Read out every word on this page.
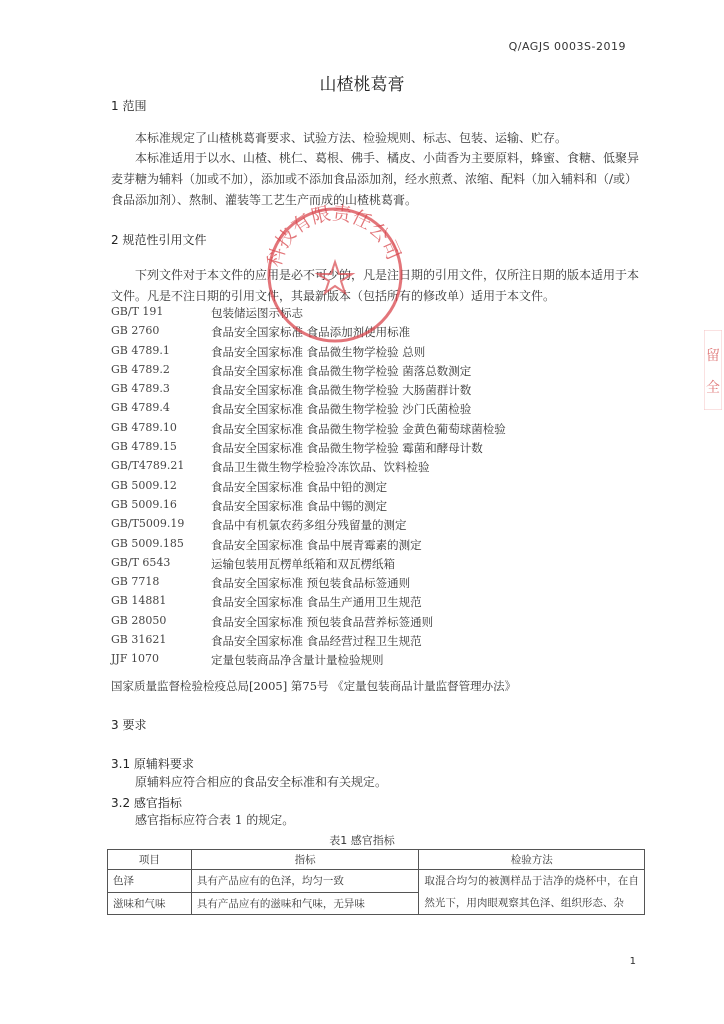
Q/AGJS 0003S-2019
山楂桃葛膏
1 范围
本标准规定了山楂桃葛膏要求、试验方法、检验规则、标志、包装、运输、贮存。
本标准适用于以水、山楂、桃仁、葛根、佛手、橘皮、小茴香为主要原料，蜂蜜、食糖、低聚异麦芽糖为辅料（加或不加），添加或不添加食品添加剂，经水煎煮、浓缩、配料（加入辅料和（/或）食品添加剂）、熬制、灌装等工艺生产而成的山楂桃葛膏。
2 规范性引用文件
下列文件对于本文件的应用是必不可少的，凡是注日期的引用文件，仅所注日期的版本适用于本文件。凡是不注日期的引用文件，其最新版本（包括所有的修改单）适用于本文件。
GB/T 191	包装储运图示标志
GB 2760	食品安全国家标准 食品添加剂使用标准
GB 4789.1	食品安全国家标准 食品微生物学检验 总则
GB 4789.2	食品安全国家标准 食品微生物学检验 菌落总数测定
GB 4789.3	食品安全国家标准 食品微生物学检验 大肠菌群计数
GB 4789.4	食品安全国家标准 食品微生物学检验 沙门氏菌检验
GB 4789.10	食品安全国家标准 食品微生物学检验 金黄色葡萄球菌检验
GB 4789.15	食品安全国家标准 食品微生物学检验 霉菌和酵母计数
GB/T4789.21	食品卫生微生物学检验冷冻饮品、饮料检验
GB 5009.12	食品安全国家标准 食品中铅的测定
GB 5009.16	食品安全国家标准 食品中锡的测定
GB/T5009.19	食品中有机氯农药多组分残留量的测定
GB 5009.185	食品安全国家标准 食品中展青霉素的测定
GB/T 6543	运输包装用瓦楞单纸箱和双瓦楞纸箱
GB 7718	食品安全国家标准 预包装食品标签通则
GB 14881	食品安全国家标准 食品生产通用卫生规范
GB 28050	食品安全国家标准 预包装食品营养标签通则
GB 31621	食品安全国家标准 食品经营过程卫生规范
JJF 1070	定量包装商品净含量计量检验规则
国家质量监督检验检疫总局[2005] 第75号 《定量包装商品计量监督管理办法》
3 要求
3.1 原辅料要求
原辅料应符合相应的食品安全标准和有关规定。
3.2 感官指标
感官指标应符合表 1 的规定。
表1 感官指标
项目	指标	检验方法
色泽	具有产品应有的色泽，均匀一致	取混合均匀的被测样品于洁净的烧杯中，在自然光下，用肉眼观察其色泽、组织形态、杂
滋味和气味	具有产品应有的滋味和气味，无异味	
1
科技有限责任公司
留
全
